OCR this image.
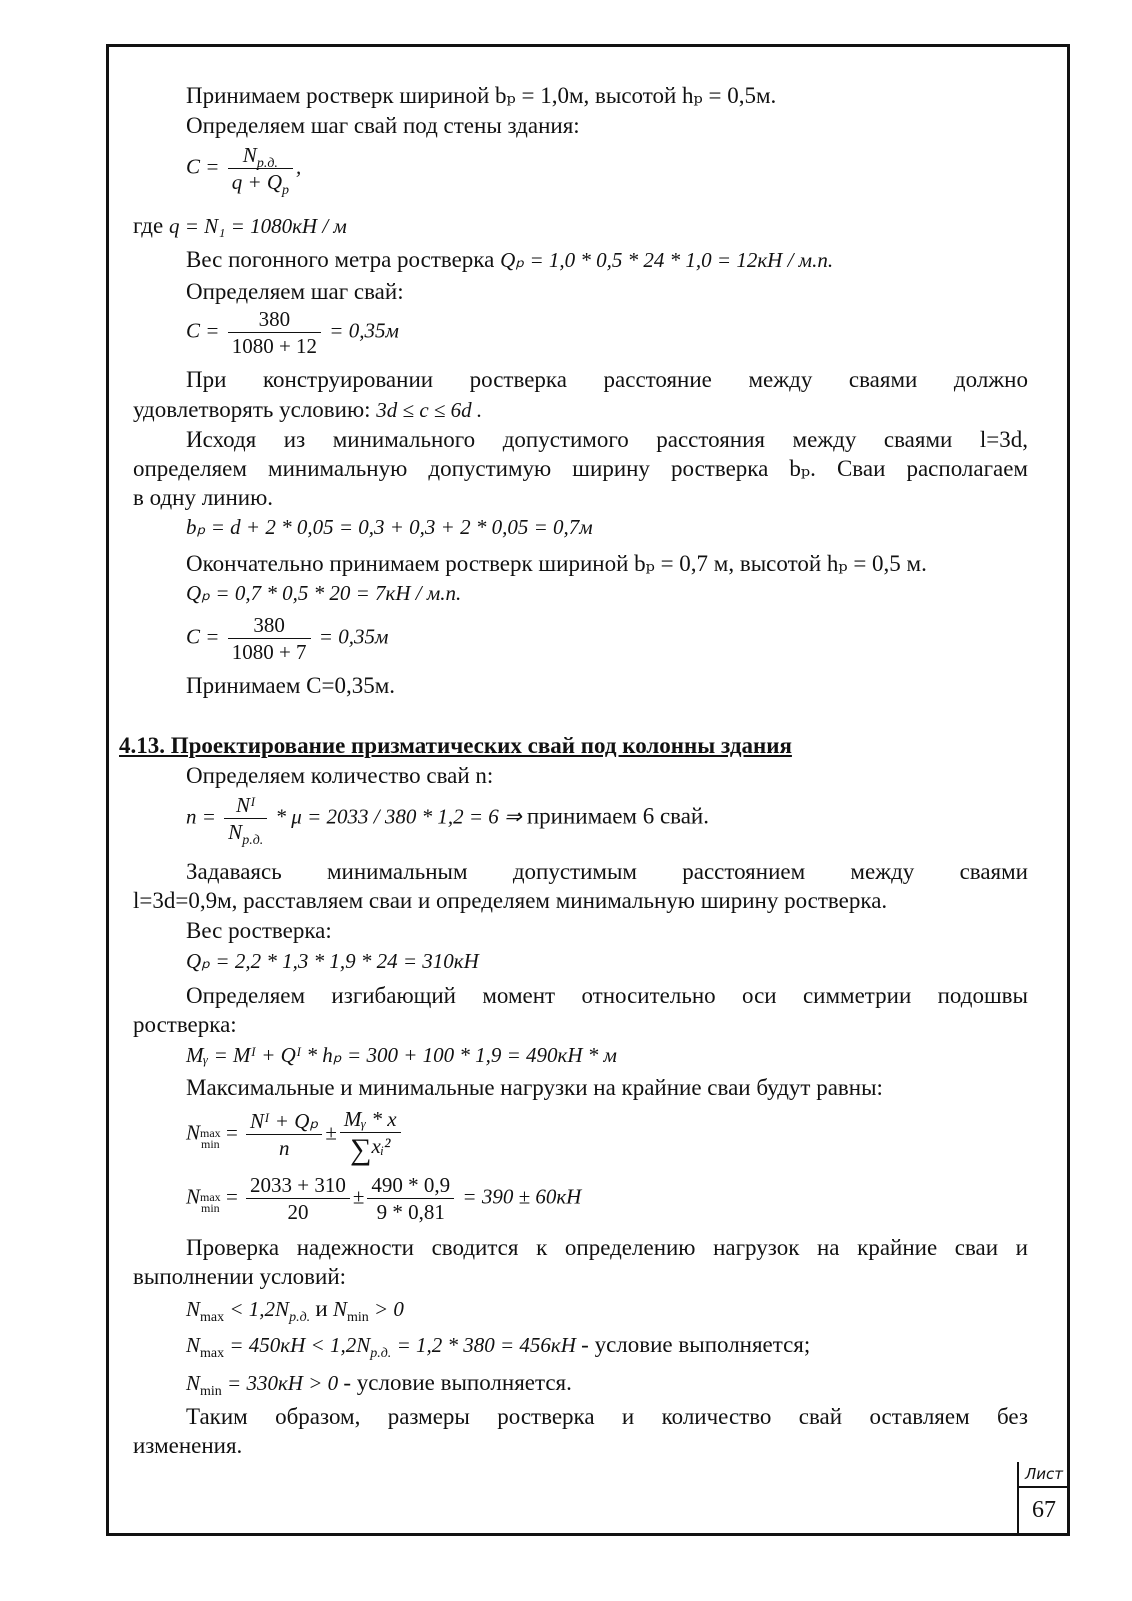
Принимаем ростверк шириной bₚ = 1,0м, высотой hₚ = 0,5м.
Определяем шаг свай под стены здания:
$C = \frac{N_{р.д.}}{q + Q_p}$ ,
где q = N₁ = 1080кН / м
Вес погонного метра ростверка Qₚ = 1,0 * 0,5 * 24 * 1,0 = 12кН / м.п.
Определяем шаг свай:
$C = \frac{380}{1080 + 12} = 0,35м$
При конструировании ростверка расстояние между сваями должно
удовлетворять условию: 3d ≤ c ≤ 6d .
Исходя из минимального допустимого расстояния между сваями l=3d,
определяем минимальную допустимую ширину ростверка bₚ. Сваи располагаем
в одну линию.
bₚ = d + 2 * 0,05 = 0,3 + 0,3 + 2 * 0,05 = 0,7м
Окончательно принимаем ростверк шириной bₚ = 0,7 м, высотой hₚ = 0,5 м.
Qₚ = 0,7 * 0,5 * 20 = 7кН / м.п.
$C = \frac{380}{1080 + 7} = 0,35м$
Принимаем С=0,35м.
4.13. Проектирование призматических свай под колонны здания
Определяем количество свай n:
$n = \frac{\text{Nᴵ}}{N_{р.д.}} * \mu = 2033 / 380 * 1,2 = 6$ ⇒ принимаем 6 свай.
Задаваясь минимальным допустимым расстоянием между сваями
l=3d=0,9м, расставляем сваи и определяем минимальную ширину ростверка.
Вес ростверка:
Qₚ = 2,2 * 1,3 * 1,9 * 24 = 310кН
Определяем изгибающий момент относительно оси симметрии подошвы
ростверка:
Mᵧ = Mᴵ + Qᴵ * hₚ = 300 + 100 * 1,9 = 490кН * м
Максимальные и минимальные нагрузки на крайние сваи будут равны:
Nmax
$\min = \frac{\text{Nᴵ + Qₚ}}{n} \pm \frac{\text{Mᵧ * x}}{\text{∑xᵢ²}}$
Nmax
$\min = \frac{2033 + 310}{20} \pm \frac{490 * 0,9}{9 * 0,81} = 390 \pm 60кН$
Проверка надежности сводится к определению нагрузок на крайние сваи и
выполнении условий:
$N_{max} < 1,2N_{р.д.}$ и $N_{min} > 0$
$N_{max} = 450кН < 1,2N_{р.д.} = 1,2 * 380 = 456кН$ - условие выполняется;
$N_{min} = 330кН > 0$ - условие выполняется.
Таким образом, размеры ростверка и количество свай оставляем без
изменения.
Лист
67
